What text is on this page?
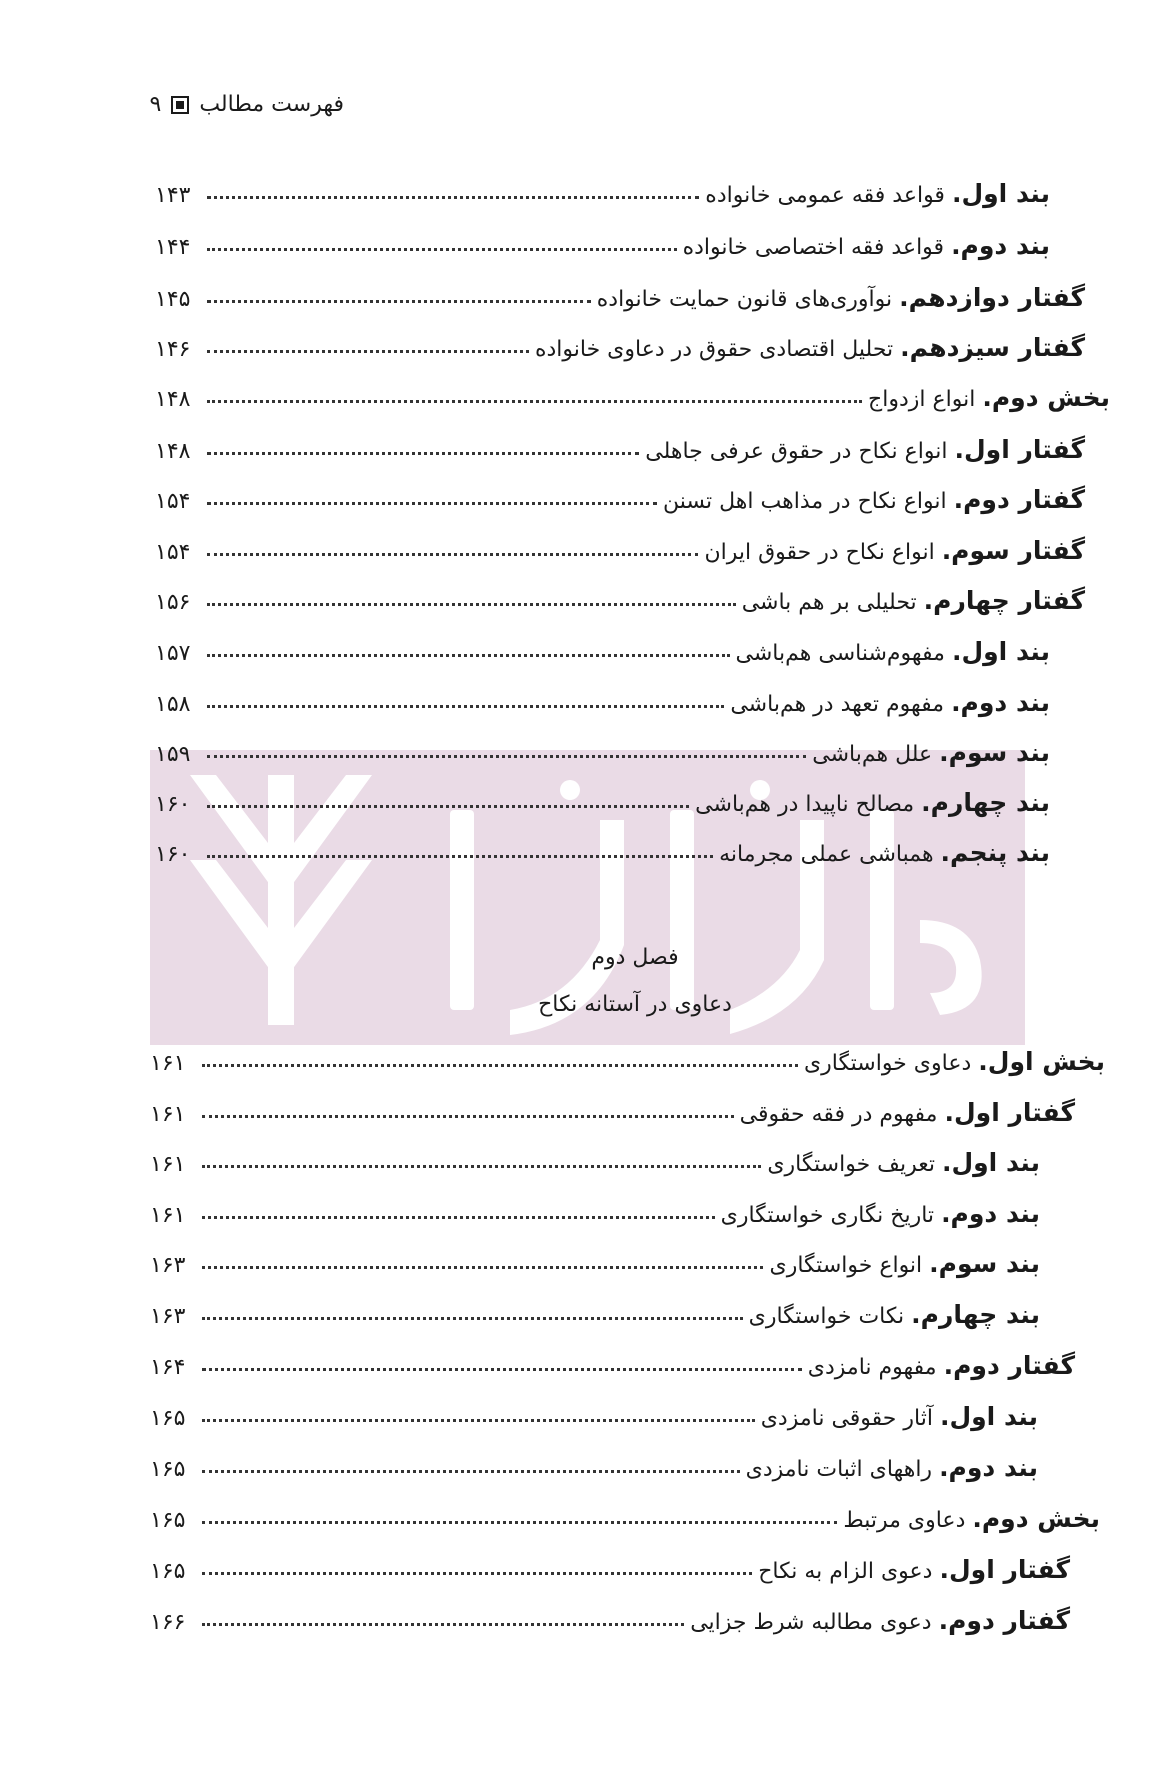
فهرست مطالب
۹
بند اول. قواعد فقه عمومی خانواده
۱۴۳
بند دوم. قواعد فقه اختصاصی خانواده
۱۴۴
گفتار دوازدهم. نوآوری‌های قانون حمایت خانواده
۱۴۵
گفتار سیزدهم. تحلیل اقتصادی حقوق در دعاوی خانواده
۱۴۶
بخش دوم. انواع ازدواج
۱۴۸
گفتار اول. انواع نکاح در حقوق عرفی جاهلی
۱۴۸
گفتار دوم. انواع نکاح در مذاهب اهل تسنن
۱۵۴
گفتار سوم. انواع نکاح در حقوق ایران
۱۵۴
گفتار چهارم. تحلیلی بر هم باشی
۱۵۶
بند اول. مفهوم‌شناسی هم‌باشی
۱۵۷
بند دوم. مفهوم تعهد در هم‌باشی
۱۵۸
بند سوم. علل هم‌باشی
۱۵۹
بند چهارم. مصالح ناپیدا در هم‌باشی
۱۶۰
بند پنجم. همباشی عملی مجرمانه
۱۶۰
فصل دوم
دعاوی در آستانه نکاح
بخش اول. دعاوی خواستگاری
۱۶۱
گفتار اول. مفهوم در فقه حقوقی
۱۶۱
بند اول. تعریف خواستگاری
۱۶۱
بند دوم. تاریخ نگاری خواستگاری
۱۶۱
بند سوم. انواع خواستگاری
۱۶۳
بند چهارم. نکات خواستگاری
۱۶۳
گفتار دوم. مفهوم نامزدی
۱۶۴
بند اول. آثار حقوقی نامزدی
۱۶۵
بند دوم. راههای اثبات نامزدی
۱۶۵
بخش دوم. دعاوی مرتبط
۱۶۵
گفتار اول. دعوی الزام به نکاح
۱۶۵
گفتار دوم. دعوی مطالبه شرط جزایی
۱۶۶
